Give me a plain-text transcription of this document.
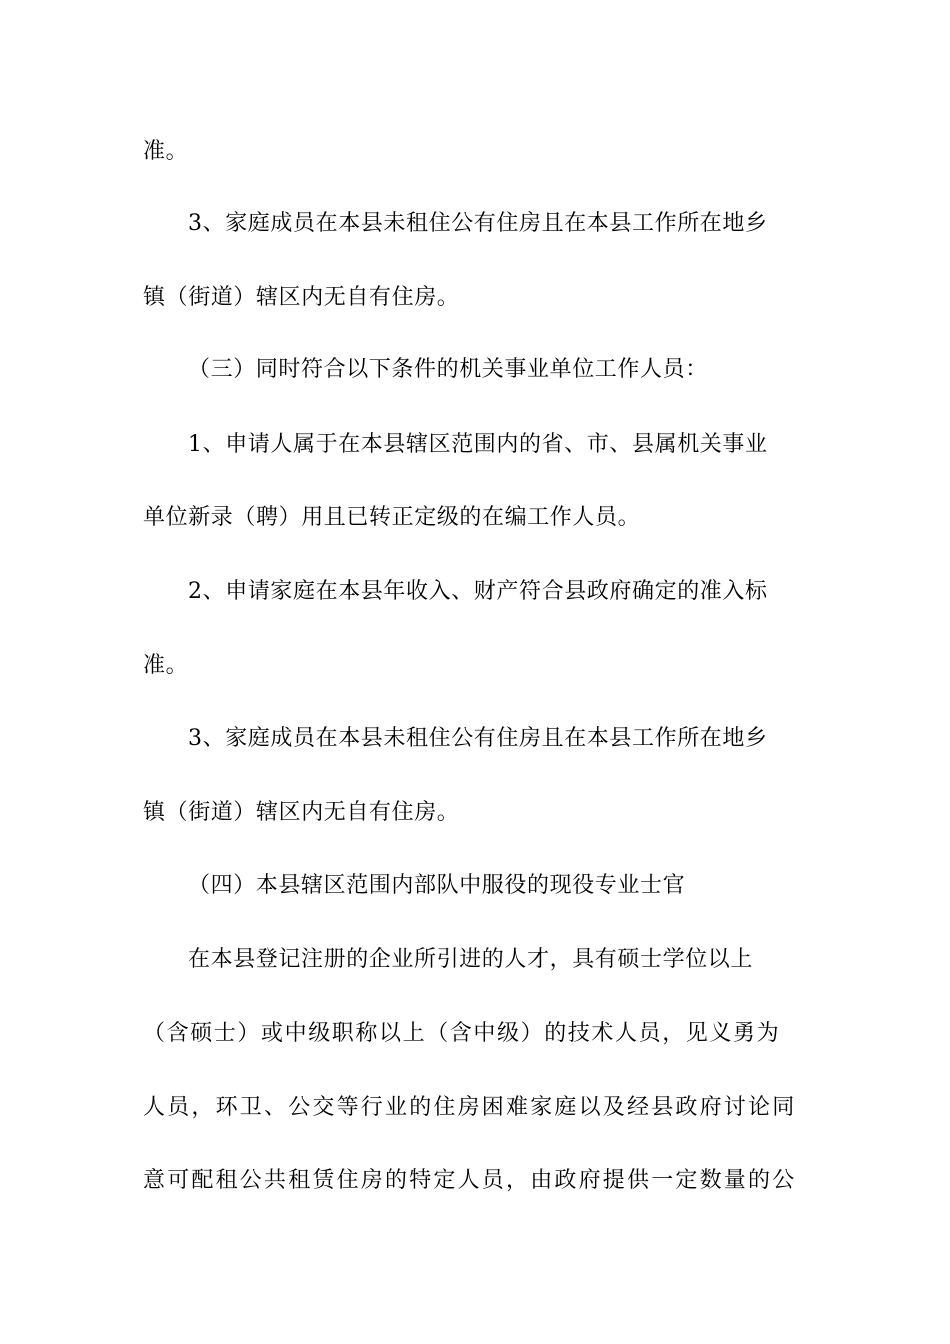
准。
3、家庭成员在本县未租住公有住房且在本县工作所在地乡
镇（街道）辖区内无自有住房。
（三）同时符合以下条件的机关事业单位工作人员：
1、申请人属于在本县辖区范围内的省、市、县属机关事业
单位新录（聘）用且已转正定级的在编工作人员。
2、申请家庭在本县年收入、财产符合县政府确定的准入标
准。
3、家庭成员在本县未租住公有住房且在本县工作所在地乡
镇（街道）辖区内无自有住房。
（四）本县辖区范围内部队中服役的现役专业士官
在本县登记注册的企业所引进的人才，具有硕士学位以上
（含硕士）或中级职称以上（含中级）的技术人员，见义勇为
人员，环卫、公交等行业的住房困难家庭以及经县政府讨论同
意可配租公共租赁住房的特定人员，由政府提供一定数量的公
